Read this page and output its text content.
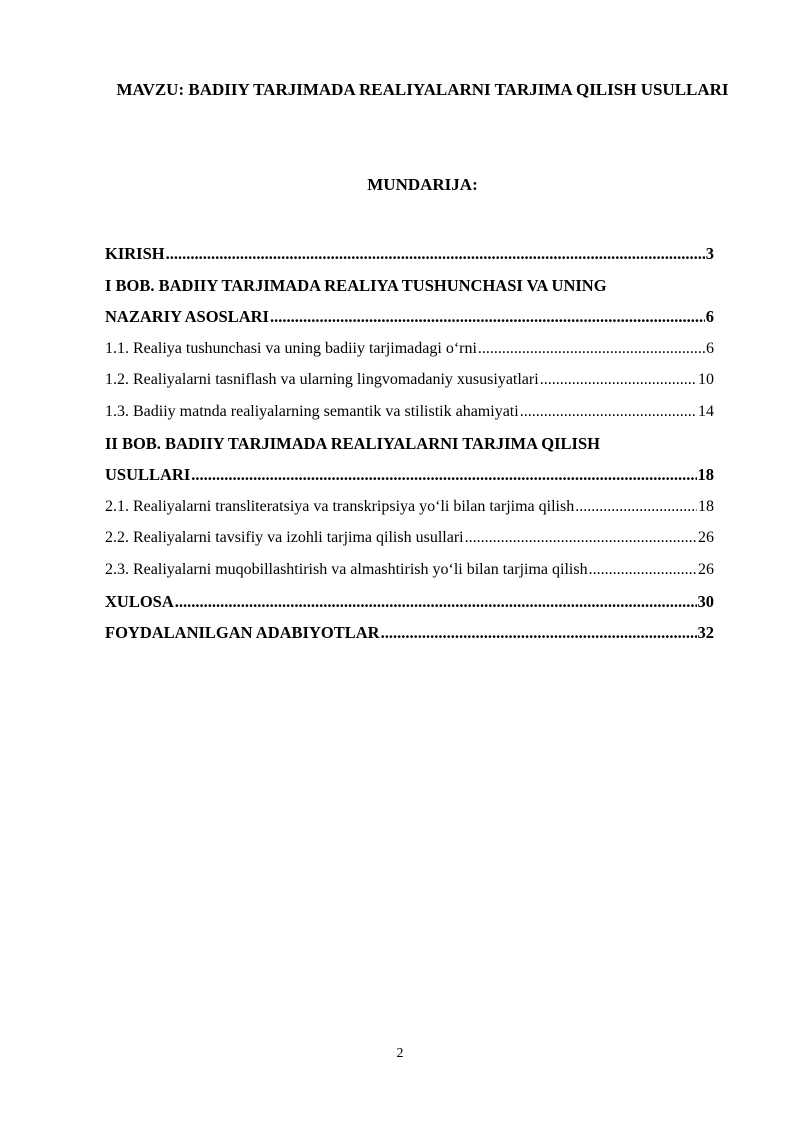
MAVZU: BADIIY TARJIMADA REALIYALARNI TARJIMA QILISH USULLARI
MUNDARIJA:
KIRISH .....	3
I BOB. BADIIY TARJIMADA REALIYA TUSHUNCHASI VA UNING
NAZARIY ASOSLARI .....	6
1.1. Realiya tushunchasi va uning badiiy tarjimadagi o‘rni .....	6
1.2. Realiyalarni tasniflash va ularning lingvomadaniy xususiyatlari .....	10
1.3. Badiiy matnda realiyalarning semantik va stilistik ahamiyati .....	14
II BOB. BADIIY TARJIMADA REALIYALARNI TARJIMA QILISH
USULLARI .....	18
2.1. Realiyalarni transliteratsiya va transkripsiya yo‘li bilan tarjima qilish .....	18
2.2. Realiyalarni tavsifiy va izohli tarjima qilish usullari .....	26
2.3. Realiyalarni muqobillashtirish va almashtirish yo‘li bilan tarjima qilish .....	26
XULOSA .....	30
FOYDALANILGAN ADABIYOTLAR .....	32
2
